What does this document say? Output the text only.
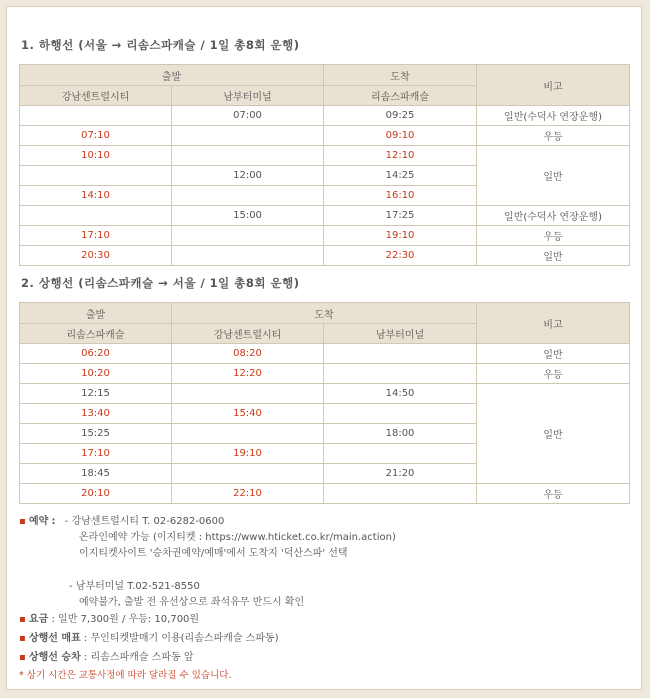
1. 하행선 (서울 → 리솜스파캐슬 / 1일 총8회 운행)
출발		도착	비고
강남센트럴시티	남부터미널	리솜스파캐슬	
	07:00	09:25	일반(수덕사 연장운행)
07:10		09:10	우등
10:10		12:10	일반
	12:00	14:25	
14:10		16:10	
	15:00	17:25	일반(수덕사 연장운행)
17:10		19:10	우등
20:30		22:30	일반
2. 상행선 (리솜스파캐슬 → 서울 / 1일 총8회 운행)
출발	도착		비고
리솜스파캐슬	강남센트럴시티	남부터미널	
06:20	08:20		일반
10:20	12:20		우등
12:15		14:50	일반
13:40	15:40		
15:25		18:00	
17:10	19:10		
18:45		21:20	
20:10	22:10		우등
▪ 예약 : - 강남센트럴시티 T. 02-6282-0600
온라인예약 가능 (이지티켓 : https://www.hticket.co.kr/main.action)
이지티켓사이트 '승차권예약/예매'에서 도착지 '덕산스파' 선택
- 남부터미널 T.02-521-8550
예약불가, 출발 전 유선상으로 좌석유무 반드시 확인
▪ 요금 : 일반 7,300원 / 우등: 10,700원
▪ 상행선 매표 : 무인티켓발매기 이용(리솜스파캐슬 스파동)
▪ 상행선 승차 : 리솜스파캐슬 스파동 앞
* 상기 시간은 교통사정에 따라 달라질 수 있습니다.
